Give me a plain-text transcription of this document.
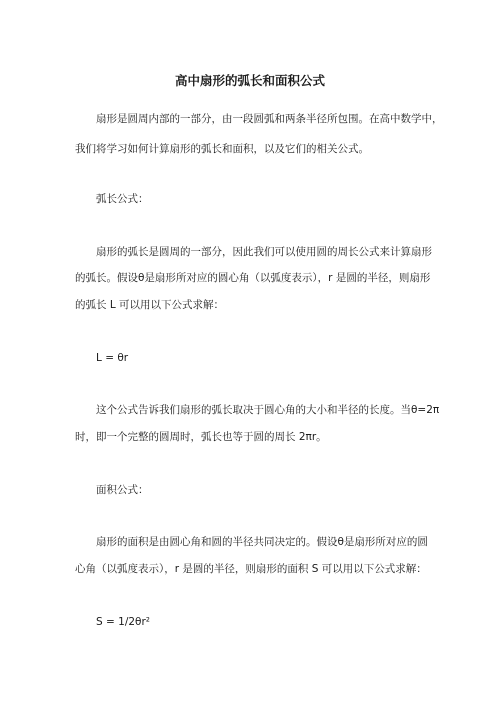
高中扇形的弧长和面积公式
扇形是圆周内部的一部分，由一段圆弧和两条半径所包围。在高中数学中，
我们将学习如何计算扇形的弧长和面积，以及它们的相关公式。
弧长公式：
扇形的弧长是圆周的一部分，因此我们可以使用圆的周长公式来计算扇形
的弧长。假设θ是扇形所对应的圆心角（以弧度表示），r 是圆的半径，则扇形
的弧长 L 可以用以下公式求解：
L = θr
这个公式告诉我们扇形的弧长取决于圆心角的大小和半径的长度。当θ=2π
时，即一个完整的圆周时，弧长也等于圆的周长 2πr。
面积公式：
扇形的面积是由圆心角和圆的半径共同决定的。假设θ是扇形所对应的圆
心角（以弧度表示），r 是圆的半径，则扇形的面积 S 可以用以下公式求解：
S = 1/2θr²
